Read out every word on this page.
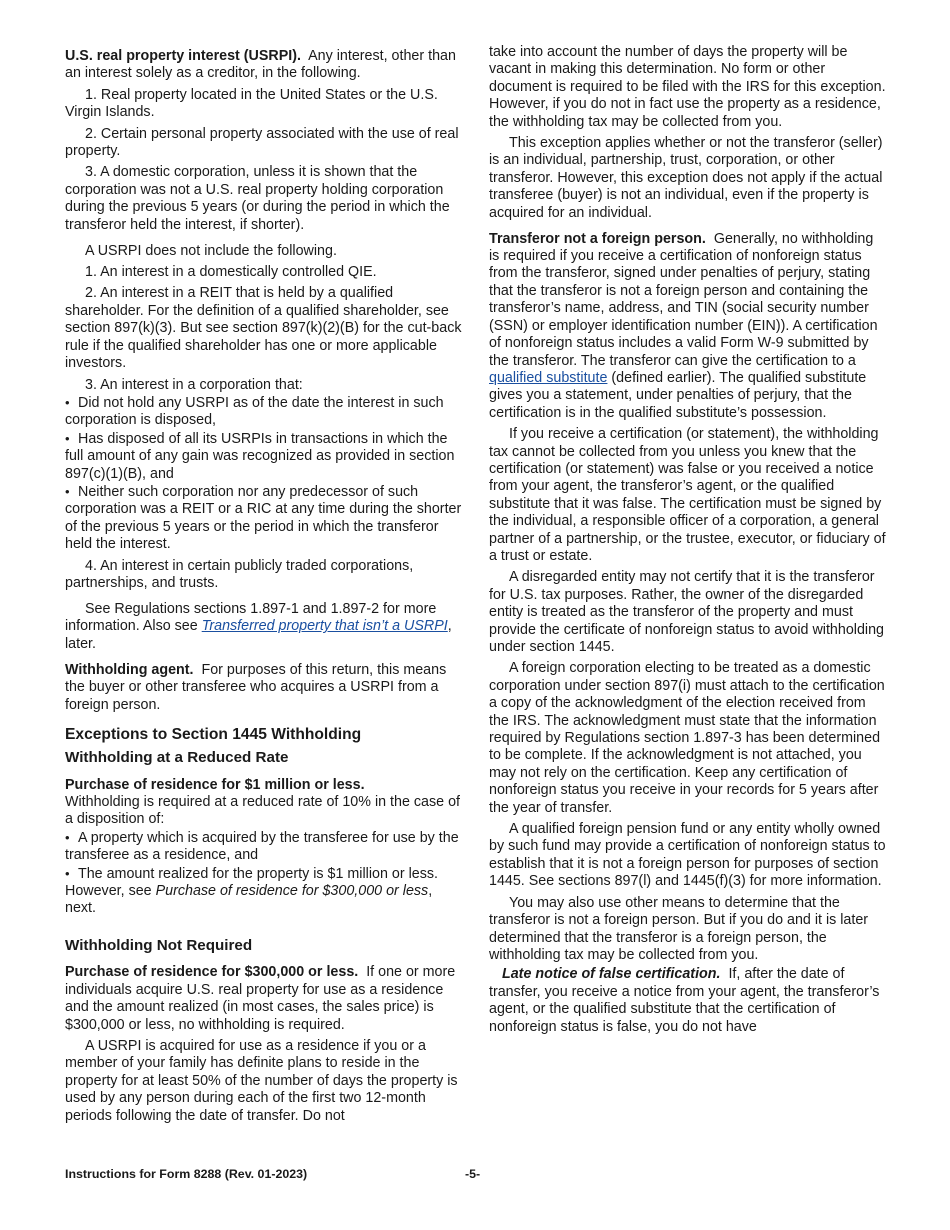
U.S. real property interest (USRPI). Any interest, other than an interest solely as a creditor, in the following.

1. Real property located in the United States or the U.S. Virgin Islands.

2. Certain personal property associated with the use of real property.

3. A domestic corporation, unless it is shown that the corporation was not a U.S. real property holding corporation during the previous 5 years (or during the period in which the transferor held the interest, if shorter).

A USRPI does not include the following.

1. An interest in a domestically controlled QIE.

2. An interest in a REIT that is held by a qualified shareholder. For the definition of a qualified shareholder, see section 897(k)(3). But see section 897(k)(2)(B) for the cut-back rule if the qualified shareholder has one or more applicable investors.

3. An interest in a corporation that:

• Did not hold any USRPI as of the date the interest in such corporation is disposed,

• Has disposed of all its USRPIs in transactions in which the full amount of any gain was recognized as provided in section 897(c)(1)(B), and

• Neither such corporation nor any predecessor of such corporation was a REIT or a RIC at any time during the shorter of the previous 5 years or the period in which the transferor held the interest.

4. An interest in certain publicly traded corporations, partnerships, and trusts.

See Regulations sections 1.897-1 and 1.897-2 for more information. Also see Transferred property that isn’t a USRPI, later.

Withholding agent. For purposes of this return, this means the buyer or other transferee who acquires a USRPI from a foreign person.

Exceptions to Section 1445 Withholding

Withholding at a Reduced Rate

Purchase of residence for $1 million or less.
Withholding is required at a reduced rate of 10% in the case of a disposition of:

• A property which is acquired by the transferee for use by the transferee as a residence, and

• The amount realized for the property is $1 million or less. However, see Purchase of residence for $300,000 or less, next.

Withholding Not Required

Purchase of residence for $300,000 or less. If one or more individuals acquire U.S. real property for use as a residence and the amount realized (in most cases, the sales price) is $300,000 or less, no withholding is required.

A USRPI is acquired for use as a residence if you or a member of your family has definite plans to reside in the property for at least 50% of the number of days the property is used by any person during each of the first two 12-month periods following the date of transfer. Do not

take into account the number of days the property will be vacant in making this determination. No form or other document is required to be filed with the IRS for this exception. However, if you do not in fact use the property as a residence, the withholding tax may be collected from you.

This exception applies whether or not the transferor (seller) is an individual, partnership, trust, corporation, or other transferor. However, this exception does not apply if the actual transferee (buyer) is not an individual, even if the property is acquired for an individual.

Transferor not a foreign person. Generally, no withholding is required if you receive a certification of nonforeign status from the transferor, signed under penalties of perjury, stating that the transferor is not a foreign person and containing the transferor’s name, address, and TIN (social security number (SSN) or employer identification number (EIN)). A certification of nonforeign status includes a valid Form W-9 submitted by the transferor. The transferor can give the certification to a qualified substitute (defined earlier). The qualified substitute gives you a statement, under penalties of perjury, that the certification is in the qualified substitute’s possession.

If you receive a certification (or statement), the withholding tax cannot be collected from you unless you knew that the certification (or statement) was false or you received a notice from your agent, the transferor’s agent, or the qualified substitute that it was false. The certification must be signed by the individual, a responsible officer of a corporation, a general partner of a partnership, or the trustee, executor, or fiduciary of a trust or estate.

A disregarded entity may not certify that it is the transferor for U.S. tax purposes. Rather, the owner of the disregarded entity is treated as the transferor of the property and must provide the certificate of nonforeign status to avoid withholding under section 1445.

A foreign corporation electing to be treated as a domestic corporation under section 897(i) must attach to the certification a copy of the acknowledgment of the election received from the IRS. The acknowledgment must state that the information required by Regulations section 1.897-3 has been determined to be complete. If the acknowledgment is not attached, you may not rely on the certification. Keep any certification of nonforeign status you receive in your records for 5 years after the year of transfer.

A qualified foreign pension fund or any entity wholly owned by such fund may provide a certification of nonforeign status to establish that it is not a foreign person for purposes of section 1445. See sections 897(l) and 1445(f)(3) for more information.

You may also use other means to determine that the transferor is not a foreign person. But if you do and it is later determined that the transferor is a foreign person, the withholding tax may be collected from you.

Late notice of false certification. If, after the date of transfer, you receive a notice from your agent, the transferor’s agent, or the qualified substitute that the certification of nonforeign status is false, you do not have

Instructions for Form 8288 (Rev. 01-2023)	-5-
